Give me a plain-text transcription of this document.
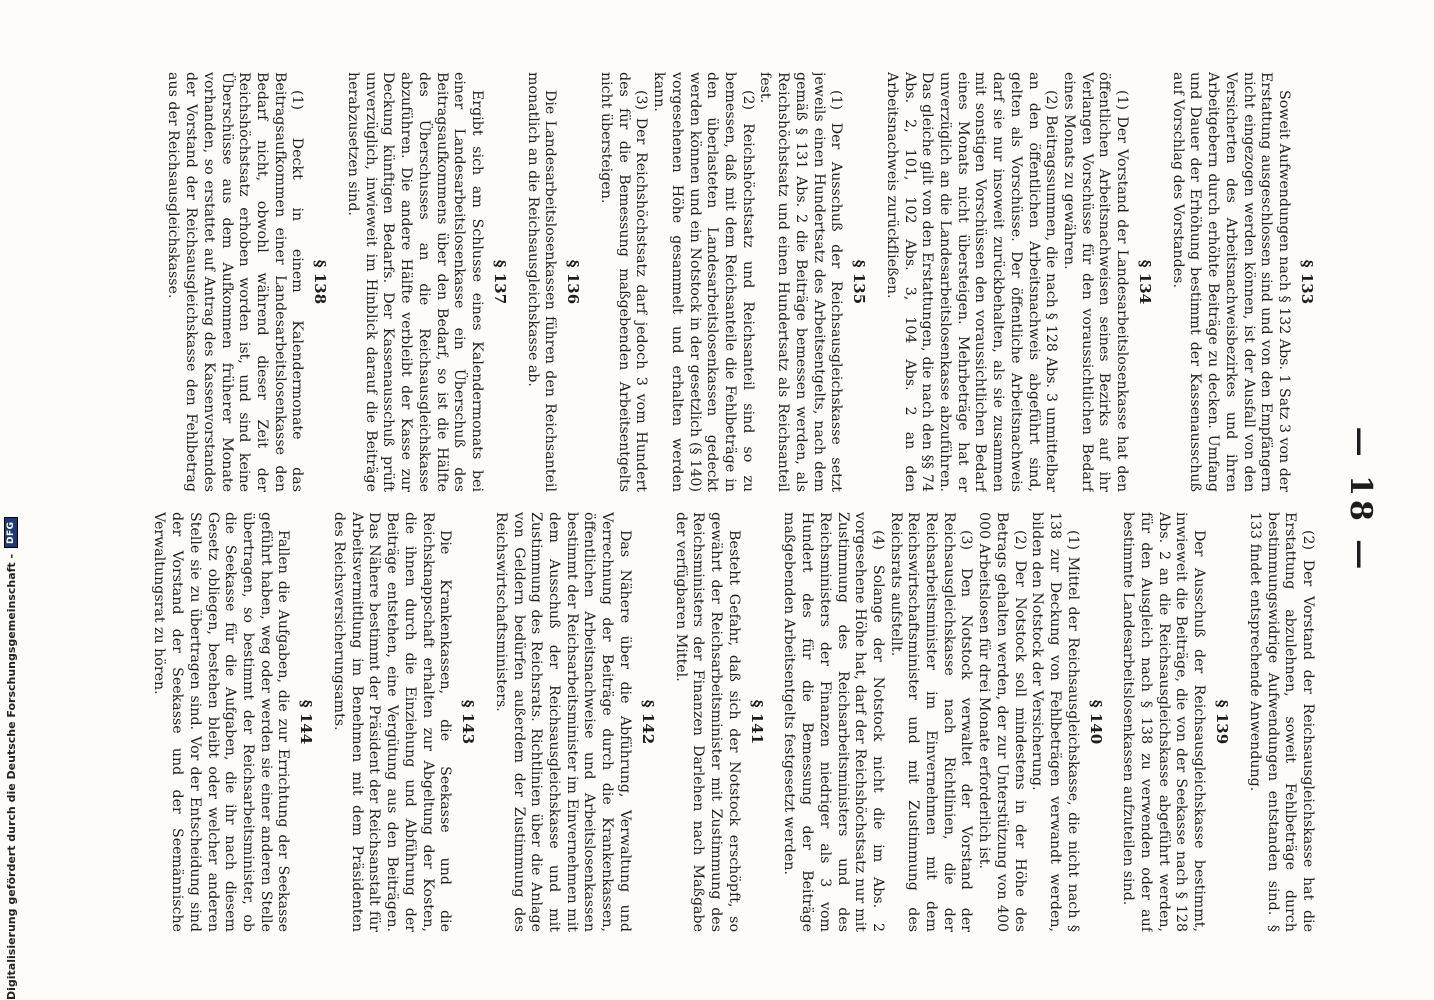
— 18 —
§ 133

Soweit Aufwendungen nach § 132 Abs. 1 Satz 3 von der Erstattung ausgeschlossen sind und von den Empfängern nicht eingezogen werden können, ist der Ausfall von den Versicherten des Arbeitsnachweisbezirkes und ihren Arbeitgebern durch erhöhte Beiträge zu decken. Umfang und Dauer der Erhöhung bestimmt der Kassenausschuß auf Vorschlag des Vorstandes.

§ 134

(1) Der Vorstand der Landesarbeitslosenkasse hat den öffentlichen Arbeitsnachweisen seines Bezirks auf ihr Verlangen Vorschüsse für den voraussichtlichen Bedarf eines Monats zu gewähren.

(2) Beitragssummen, die nach § 128 Abs. 3 unmittelbar an den öffentlichen Arbeitsnachweis abgeführt sind, gelten als Vorschüsse. Der öffentliche Arbeitsnachweis darf sie nur insoweit zurückbehalten, als sie zusammen mit sonstigen Vorschüssen den voraussichtlichen Bedarf eines Monats nicht übersteigen. Mehrbeträge hat er unverzüglich an die Landesarbeitslosenkasse abzuführen. Das gleiche gilt von den Erstattungen, die nach den §§ 74 Abs. 2, 101, 102 Abs. 3, 104 Abs. 2 an den Arbeitsnachweis zurückfließen.

§ 135

(1) Der Ausschuß der Reichsausgleichskasse setzt jeweils einen Hundertsatz des Arbeitsentgelts, nach dem gemäß § 131 Abs. 2 die Beiträge bemessen werden, als Reichshöchstsatz und einen Hundertsatz als Reichsanteil fest.

(2) Reichshöchstsatz und Reichsanteil sind so zu bemessen, daß mit dem Reichsanteile die Fehlbeträge in den überlasteten Landesarbeitslosenkassen gedeckt werden können und ein Notstock in der gesetzlich (§ 140) vorgesehenen Höhe gesammelt und erhalten werden kann.

(3) Der Reichshöchstsatz darf jedoch 3 vom Hundert des für die Bemessung maßgebenden Arbeitsentgelts nicht übersteigen.

§ 136

Die Landesarbeitslosenkassen führen den Reichsanteil monatlich an die Reichsausgleichskasse ab.

§ 137

Ergibt sich am Schlusse eines Kalendermonats bei einer Landesarbeitslosenkasse ein Überschuß des Beitragsaufkommens über den Bedarf, so ist die Hälfte des Überschusses an die Reichsausgleichskasse abzuführen. Die andere Hälfte verbleibt der Kasse zur Deckung künftigen Bedarfs. Der Kassenausschuß prüft unverzüglich, inwieweit im Hinblick darauf die Beiträge herabzusetzen sind.

§ 138

(1) Deckt in einem Kalendermonate das Beitragsaufkommen einer Landesarbeitslosenkasse den Bedarf nicht, obwohl während dieser Zeit der Reichshöchstsatz erhoben worden ist, und sind keine Überschüsse aus dem Aufkommen früherer Monate vorhanden, so erstattet auf Antrag des Kassenvorstandes der Vorstand der Reichsausgleichskasse den Fehlbetrag aus der Reichsausgleichskasse.

(2) Der Vorstand der Reichsausgleichskasse hat die Erstattung abzulehnen, soweit Fehlbeträge durch bestimmungswidrige Aufwendungen entstanden sind. § 133 findet entsprechende Anwendung.

§ 139

Der Ausschuß der Reichsausgleichskasse bestimmt, inwieweit die Beiträge, die von der Seekasse nach § 128 Abs. 2 an die Reichsausgleichskasse abgeführt werden, für den Ausgleich nach § 138 zu verwenden oder auf bestimmte Landesarbeitslosenkassen aufzuteilen sind.

§ 140

(1) Mittel der Reichsausgleichskasse, die nicht nach § 138 zur Deckung von Fehlbeträgen verwandt werden, bilden den Notstock der Versicherung.

(2) Der Notstock soll mindestens in der Höhe des Betrags gehalten werden, der zur Unterstützung von 400 000 Arbeitslosen für drei Monate erforderlich ist.

(3) Den Notstock verwaltet der Vorstand der Reichsausgleichskasse nach Richtlinien, die der Reichsarbeitsminister im Einvernehmen mit dem Reichswirtschaftsminister und mit Zustimmung des Reichsrats aufstellt.

(4) Solange der Notstock nicht die im Abs. 2 vorgesehene Höhe hat, darf der Reichshöchstsatz nur mit Zustimmung des Reichsarbeitsministers und des Reichsministers der Finanzen niedriger als 3 vom Hundert des für die Bemessung der Beiträge maßgebenden Arbeitsentgelts festgesetzt werden.

§ 141

Besteht Gefahr, daß sich der Notstock erschöpft, so gewährt der Reichsarbeitsminister mit Zustimmung des Reichsministers der Finanzen Darlehen nach Maßgabe der verfügbaren Mittel.

§ 142

Das Nähere über die Abführung, Verwaltung und Verrechnung der Beiträge durch die Krankenkassen, öffentlichen Arbeitsnachweise und Arbeitslosenkassen bestimmt der Reichsarbeitsminister im Einvernehmen mit dem Ausschuß der Reichsausgleichskasse und mit Zustimmung des Reichsrats. Richtlinien über die Anlage von Geldern bedürfen außerdem der Zustimmung des Reichswirtschaftsministers.

§ 143

Die Krankenkassen, die Seekasse und die Reichsknappschaft erhalten zur Abgeltung der Kosten, die ihnen durch die Einziehung und Abführung der Beiträge entstehen, eine Vergütung aus den Beiträgen. Das Nähere bestimmt der Präsident der Reichsanstalt für Arbeitsvermittlung im Benehmen mit dem Präsidenten des Reichsversicherungsamts.

§ 144

Fallen die Aufgaben, die zur Errichtung der Seekasse geführt haben, weg oder werden sie einer anderen Stelle übertragen, so bestimmt der Reichsarbeitsminister, ob die Seekasse für die Aufgaben, die ihr nach diesem Gesetz obliegen, bestehen bleibt oder welcher anderen Stelle sie zu übertragen sind. Vor der Entscheidung sind der Vorstand der Seekasse und der Seemännische Verwaltungsrat zu hören.

Digitalisierung gefördert durch die Deutsche Forschungsgemeinschaft -
DFG
